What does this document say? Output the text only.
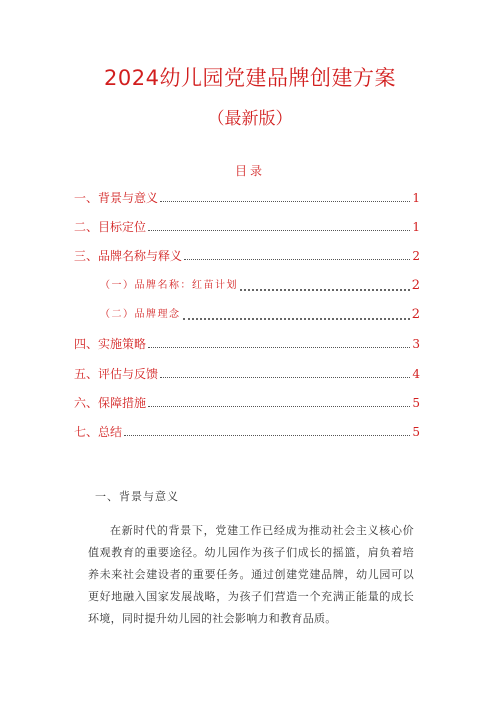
2024幼儿园党建品牌创建方案
（最新版）
目录
一、背景与意义	1
二、目标定位	1
三、品牌名称与释义	2
（一）品牌名称：红苗计划	2
（二）品牌理念	2
四、实施策略	3
五、评估与反馈	4
六、保障措施	5
七、总结	5
一、背景与意义

在新时代的背景下，党建工作已经成为推动社会主义核心价值观教育的重要途径。幼儿园作为孩子们成长的摇篮，肩负着培养未来社会建设者的重要任务。通过创建党建品牌，幼儿园可以更好地融入国家发展战略，为孩子们营造一个充满正能量的成长环境，同时提升幼儿园的社会影响力和教育品质。
